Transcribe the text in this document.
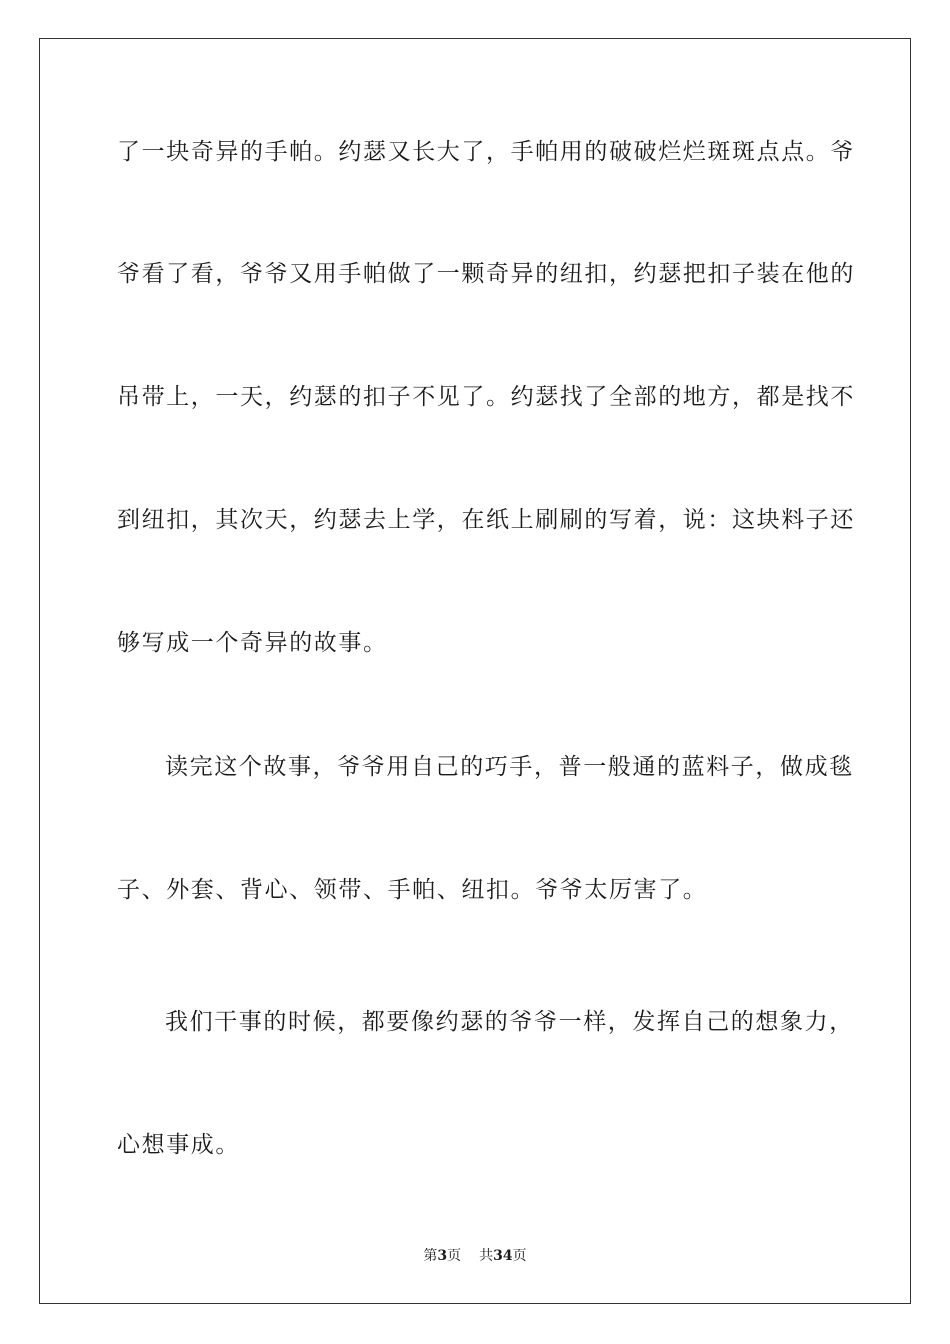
了一块奇异的手帕。约瑟又长大了，手帕用的破破烂烂斑斑点点。爷
爷看了看，爷爷又用手帕做了一颗奇异的纽扣，约瑟把扣子装在他的
吊带上，一天，约瑟的扣子不见了。约瑟找了全部的地方，都是找不
到纽扣，其次天，约瑟去上学，在纸上刷刷的写着，说：这块料子还
够写成一个奇异的故事。
读完这个故事，爷爷用自己的巧手，普一般通的蓝料子，做成毯
子、外套、背心、领带、手帕、纽扣。爷爷太厉害了。
我们干事的时候，都要像约瑟的爷爷一样，发挥自己的想象力，
心想事成。
第3页 共34页
